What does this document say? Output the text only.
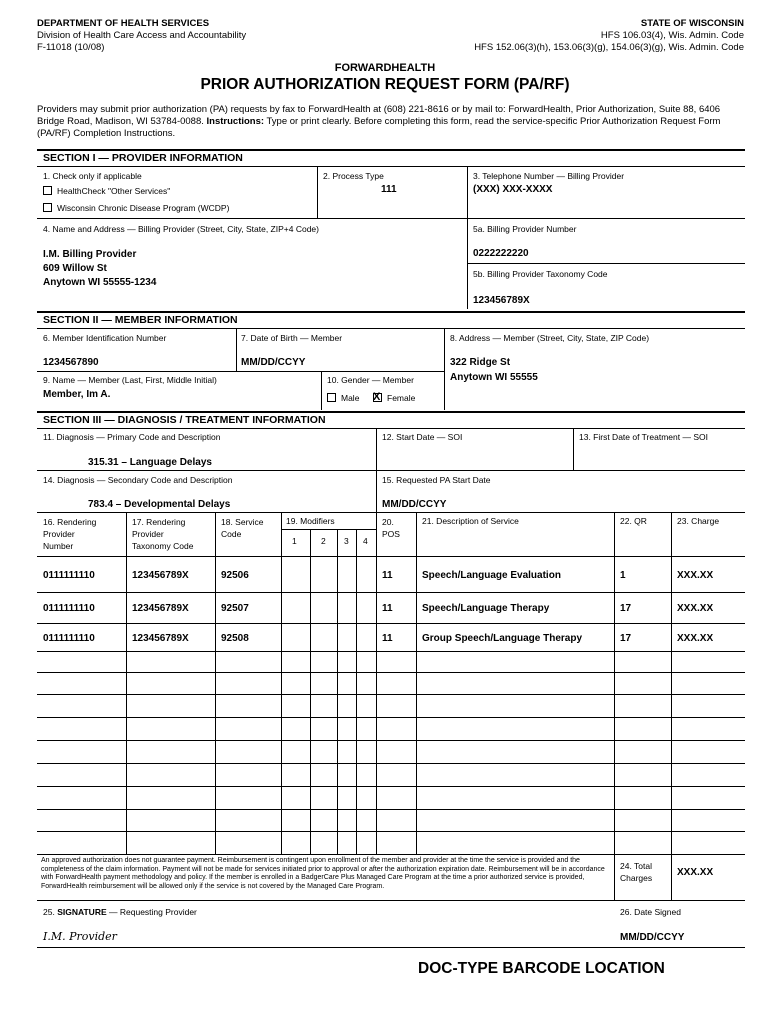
DEPARTMENT OF HEALTH SERVICES
Division of Health Care Access and Accountability
F-11018 (10/08)
STATE OF WISCONSIN
HFS 106.03(4), Wis. Admin. Code
HFS 152.06(3)(h), 153.06(3)(g), 154.06(3)(g), Wis. Admin. Code
FORWARDHEALTH
PRIOR AUTHORIZATION REQUEST FORM (PA/RF)
Providers may submit prior authorization (PA) requests by fax to ForwardHealth at (608) 221-8616 or by mail to: ForwardHealth, Prior Authorization, Suite 88, 6406 Bridge Road, Madison, WI 53784-0088. Instructions: Type or print clearly. Before completing this form, read the service-specific Prior Authorization Request Form (PA/RF) Completion Instructions.
SECTION I — PROVIDER INFORMATION
1. Check only if applicable
HealthCheck "Other Services"
Wisconsin Chronic Disease Program (WCDP)
2. Process Type
111
3. Telephone Number — Billing Provider
(XXX) XXX-XXXX
4. Name and Address — Billing Provider (Street, City, State, ZIP+4 Code)
I.M. Billing Provider
609 Willow St
Anytown WI 55555-1234
5a. Billing Provider Number
0222222220
5b. Billing Provider Taxonomy Code
123456789X
SECTION II — MEMBER INFORMATION
6. Member Identification Number
1234567890
7. Date of Birth — Member
MM/DD/CCYY
8. Address — Member (Street, City, State, ZIP Code)
322 Ridge St
Anytown WI 55555
9. Name — Member (Last, First, Middle Initial)
Member, Im A.
10. Gender — Member
Male
X	Female
SECTION III — DIAGNOSIS / TREATMENT INFORMATION
11. Diagnosis — Primary Code and Description
315.31 – Language Delays
12. Start Date — SOI	13. First Date of Treatment — SOI
14. Diagnosis — Secondary Code and Description
783.4 – Developmental Delays
15. Requested PA Start Date
MM/DD/CCYY
16. Rendering
Provider
Number
17. Rendering
Provider
Taxonomy Code
18. Service
Code
19. Modifiers
1	2 3 4
20.
POS
21. Description of Service	22. QR	23. Charge
0111111110	123456789X	92506	11	Speech/Language Evaluation	1	XXX.XX
0111111110	123456789X	92507	11	Speech/Language Therapy	17	XXX.XX
0111111110	123456789X	92508	11	Group Speech/Language Therapy	17	XXX.XX
An approved authorization does not guarantee payment. Reimbursement is contingent upon enrollment of the member and provider at the time the service is provided and the completeness of the claim information. Payment will not be made for services initiated prior to approval or after the authorization expiration date. Reimbursement will be in accordance with ForwardHealth payment methodology and policy. If the member is enrolled in a BadgerCare Plus Managed Care Program at the time a prior authorized service is provided, ForwardHealth reimbursement will be allowed only if the service is not covered by the Managed Care Program.
24. Total
Charges XXX.XX
25. SIGNATURE — Requesting Provider
I.M. Provider
26. Date Signed
MM/DD/CCYY
DOC-TYPE BARCODE LOCATION
